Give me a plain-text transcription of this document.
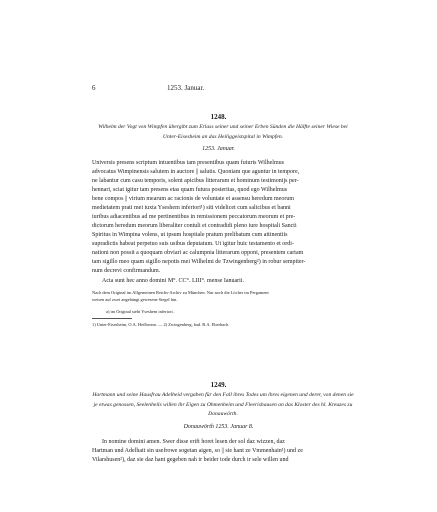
6	1253. Januar.
1248.
Wilhelm der Vogt von Wimpfen übergibt zum Erlass seiner und seiner Erben Sünden die Hälfte seiner Wiese bei Unter-Eisesheim an das Heiliggeistspital in Wimpfen.
1253. Januar.
Universis presens scriptum intuentibus tam presentibus quam futuris Wilhelmus
advocatus Wimpinensis salutem in auctore || salutis. Quoniam que aguntur in tempore,
ne labantur cum casu temporis, solent apicibus litterarum et hominum testimonijs per-
hennari, sciat igitur tam presens etas quam futura posteritas, quod ego Wilhelmus
bene compos || virium mearum ac racionis de voluntate et assensu heredum meorum
medietatem prati mei iuxta Yseshem inferiori¹) siti videlicet cum salicibus et banni
iuribus adiacentibus ad me pertinentibus in remissionem peccatorum meorum et pre-
dictorum heredum meorum liberaliter contuli et contradidi pleno iure hospitali Sancti
Spiritus in Wimpina volens, ut ipsum hospitale pratum prelibatum cum attinentiis
supradictis habeat perpetuo suis usibus deputatum. Ut igitur huic testamento et ordi-
nationi non possit a quoquam obviari ac calumpnia litterarum opponi, presentem cartam
tam sigillo meo quam sigillo nepotis mei Wilhelmi de Tzwingenberg²) in robur sempiter-
num decrevi confirmandum.
Acta sunt hec anno domini M°. CC°. LIII°. mense Ianuarii.
Nach dem Original im Allgemeinen Reichs-Archiv zu München. Nur noch die Löcher im Pergament
weisen auf zwei angehängt gewesene Siegel hin.
a) im Original steht Yseshem inferiori.
1) Unter-Eisesheim, O.A. Heilbronn. — 2) Zwingenberg, bad. B.A. Eberbach.
1249.
Hartmann und seine Hausfrau Adelheid vergaben für den Fall ihres Todes um ihres eigenen und derer, von denen sie je etwas genossen, Seelenheils willen ihr Eigen zu Ohmenheim und Fleerishausen an das Kloster des hl. Kreuzes zu Donauwörth.
Donauwörth 1253. Januar 8.
In nomine domini amen. Swer disse erift horet lesen der sol daz wizzen, daz
Hartman und Adelhait sin usefrowe sogetan aigen, so || sie hant ze Vmmenhain¹) und ze
Vilarshusen²), daz sie daz hant gegeben nah ir beider tode durch ir sele willen und
